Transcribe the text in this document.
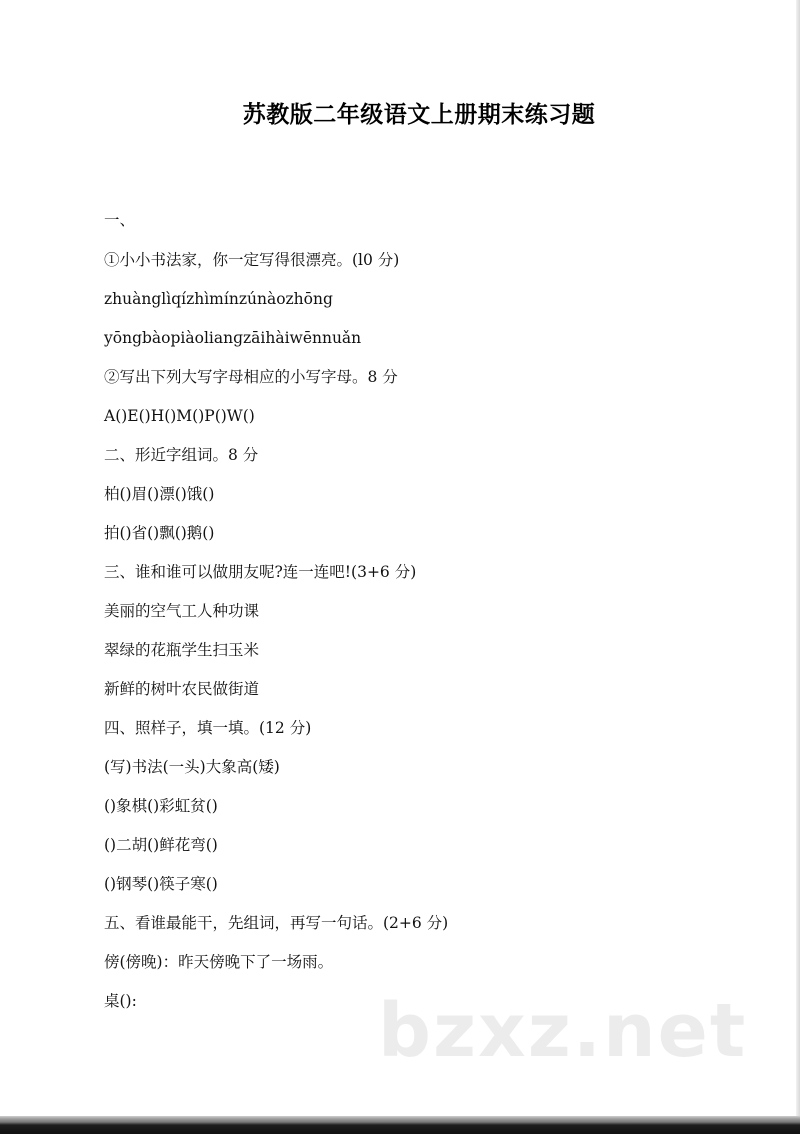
苏教版二年级语文上册期末练习题
一、
①小小书法家，你一定写得很漂亮。(l0 分)
zhuànglìqízhìmínzúnàozhōng
yōngbàopiàolianɡzāihàiwēnnuǎn
②写出下列大写字母相应的小写字母。8 分
A()E()H()M()P()W()
二、形近字组词。8 分
柏()眉()漂()饿()
拍()省()飘()鹅()
三、谁和谁可以做朋友呢?连一连吧!(3+6 分)
美丽的空气工人种功课
翠绿的花瓶学生扫玉米
新鲜的树叶农民做街道
四、照样子，填一填。(12 分)
(写)书法(一头)大象高(矮)
()象棋()彩虹贫()
()二胡()鲜花弯()
()钢琴()筷子寒()
五、看谁最能干，先组词，再写一句话。(2+6 分)
傍(傍晚)：昨天傍晚下了一场雨。
桌():	bzxz.net
